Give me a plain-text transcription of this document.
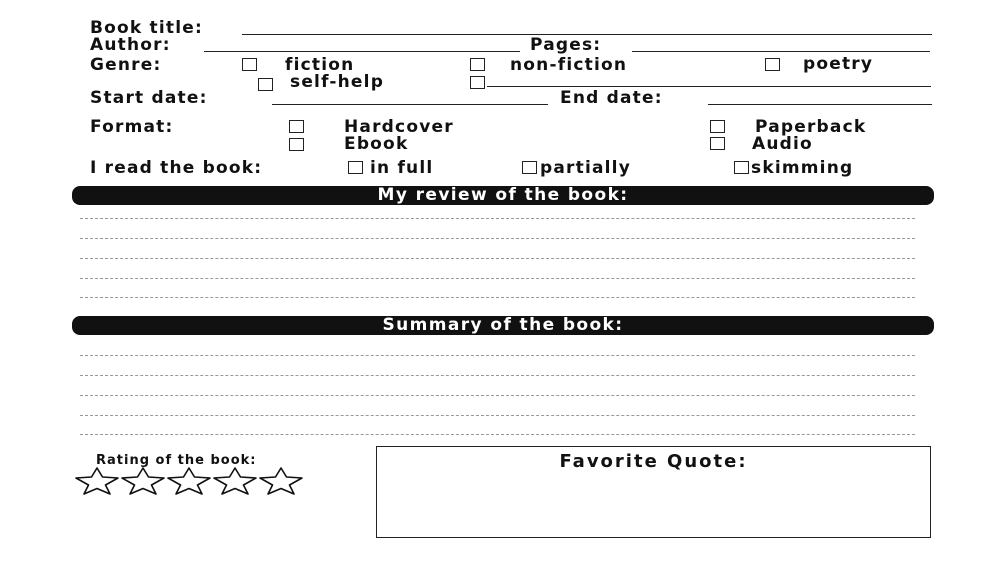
Book title:
Author:	Pages:
Genre:	fiction	non-fiction	poetry
self-help
Start date:	End date:
Format:	Hardcover	Paperback
Ebook	Audio
I read the book:	in full	partially	skimming
My review of the book:
Summary of the book:
Rating of the book:	Favorite Quote:
